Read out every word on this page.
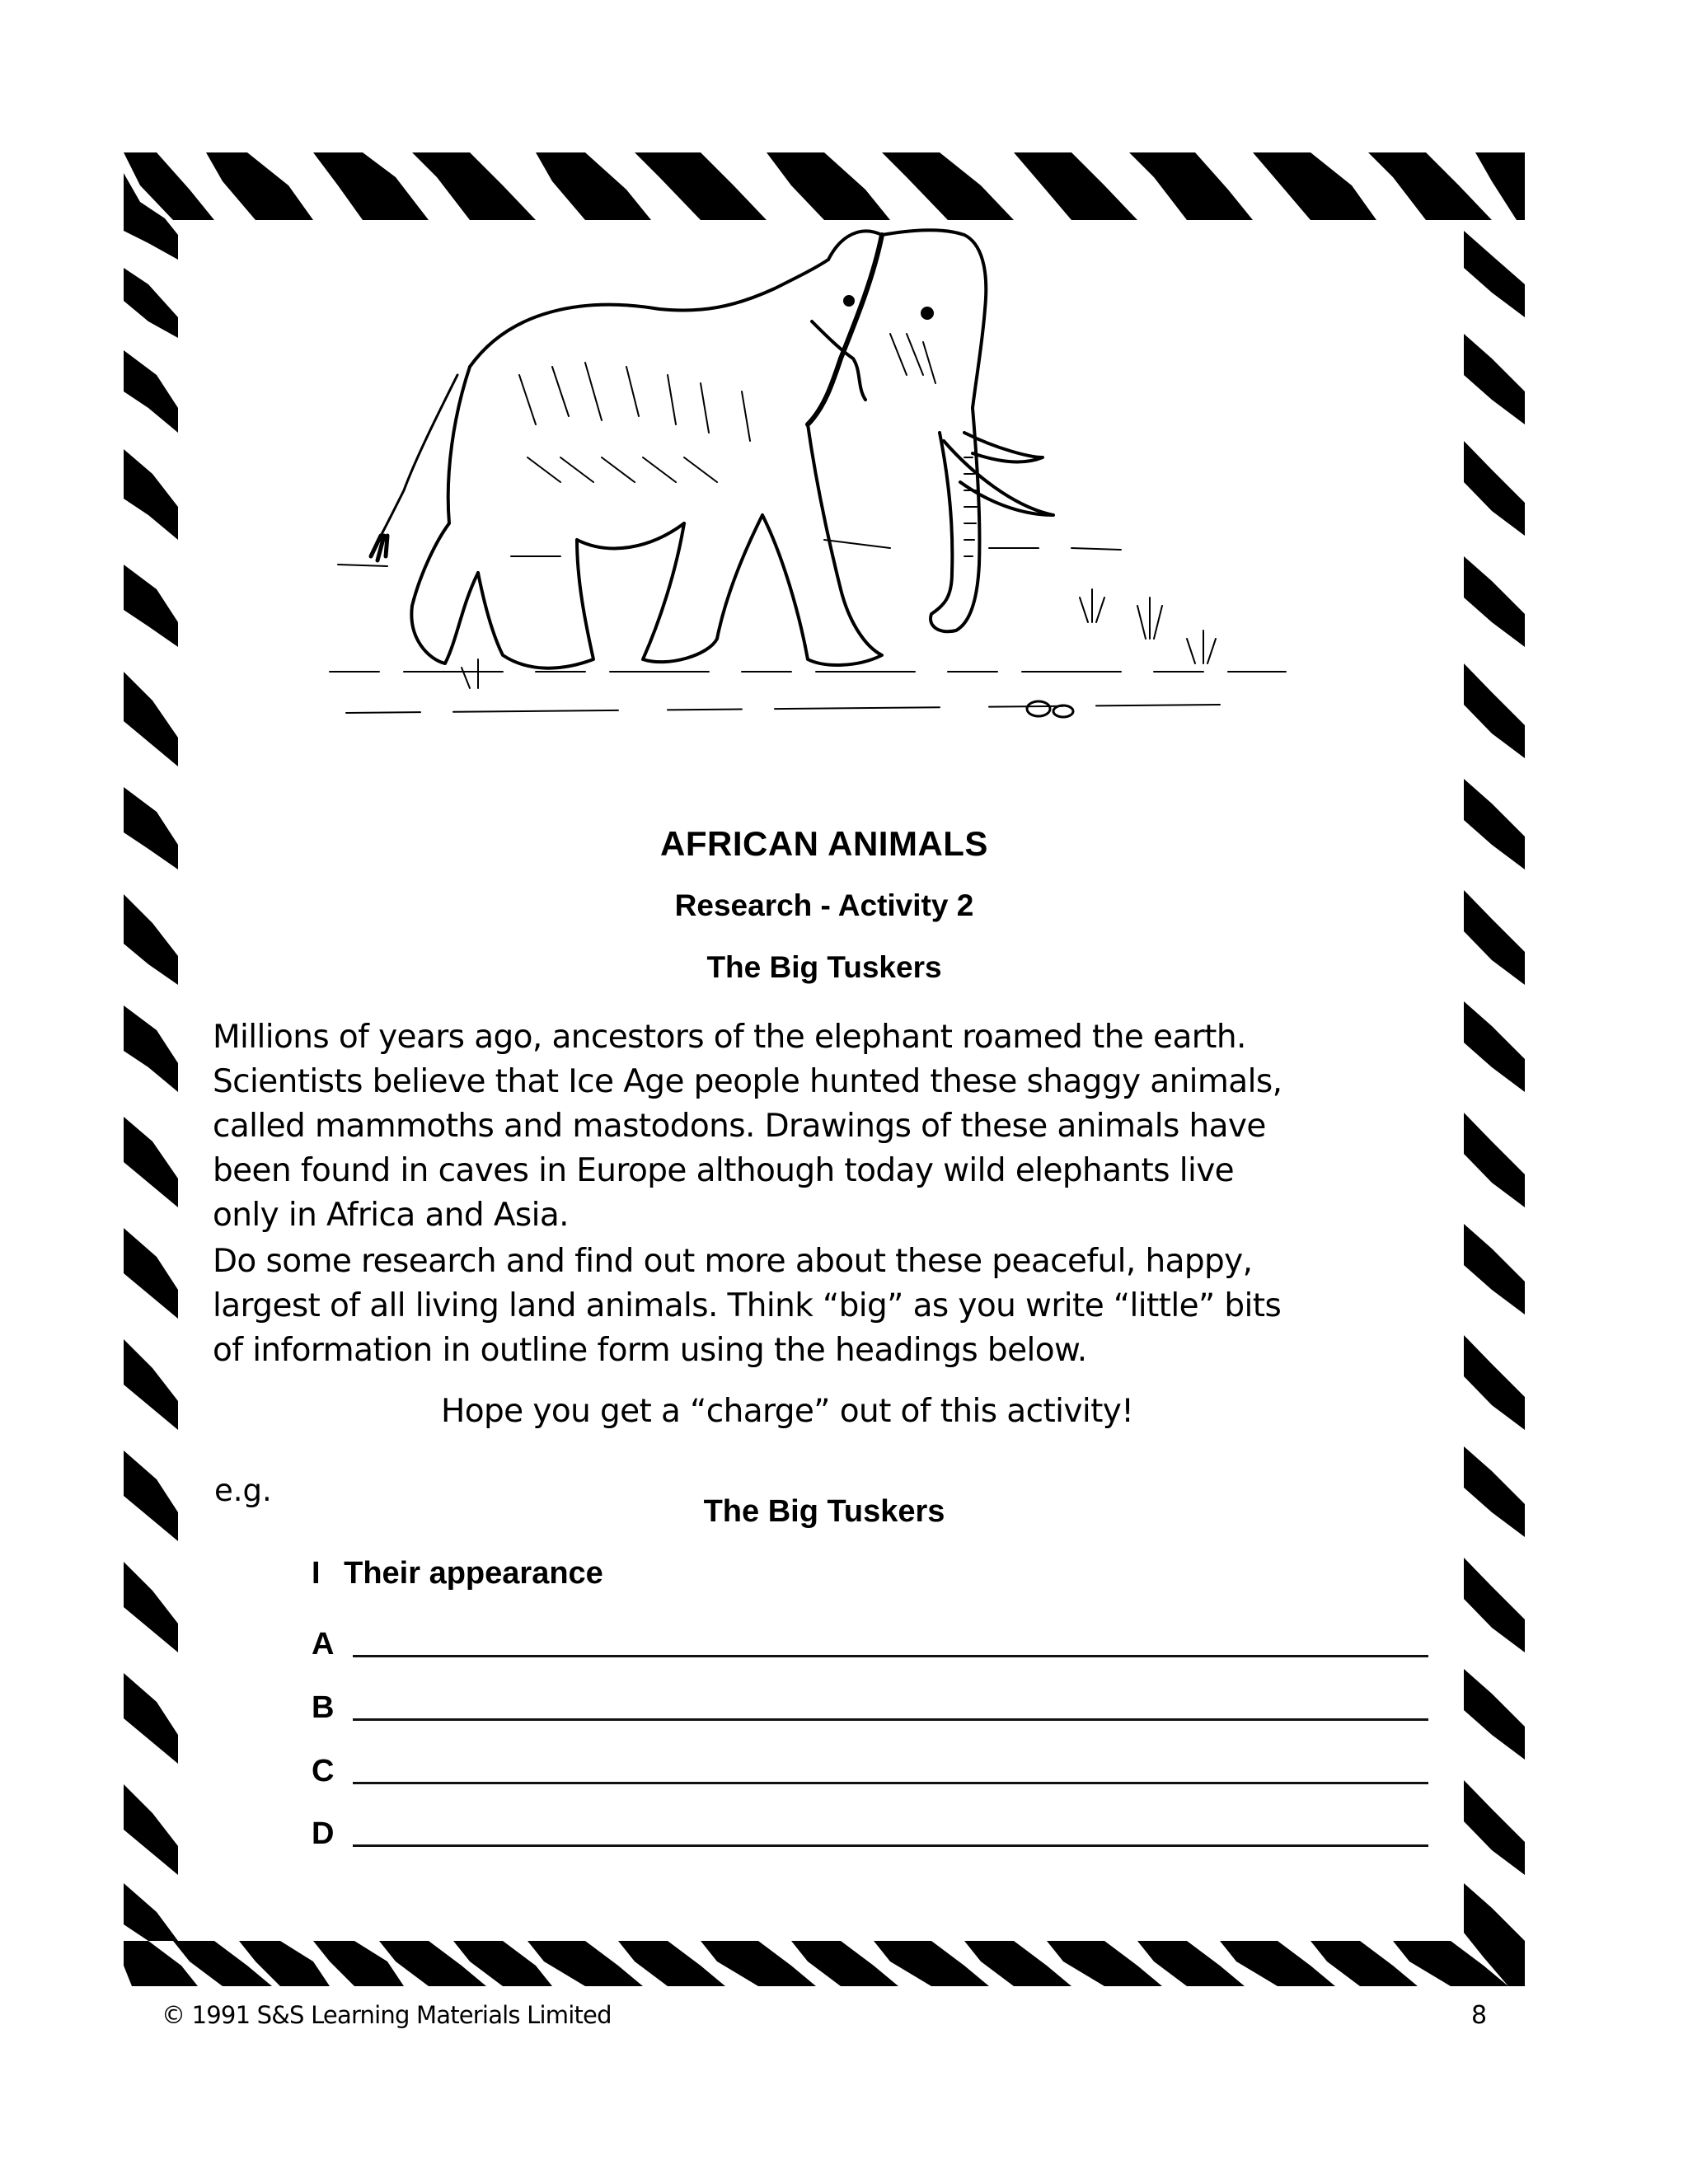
AFRICAN ANIMALS
Research - Activity 2
The Big Tuskers
Millions of years ago, ancestors of the elephant roamed the earth.
Scientists believe that Ice Age people hunted these shaggy animals,
called mammoths and mastodons. Drawings of these animals have
been found in caves in Europe although today wild elephants live
only in Africa and Asia.
Do some research and find out more about these peaceful, happy,
largest of all living land animals. Think “big” as you write “little” bits
of information in outline form using the headings below.
Hope you get a “charge” out of this activity!
e.g.
The Big Tuskers
I Their appearance
A
B
C
D
© 1991 S&S Learning Materials Limited	8
